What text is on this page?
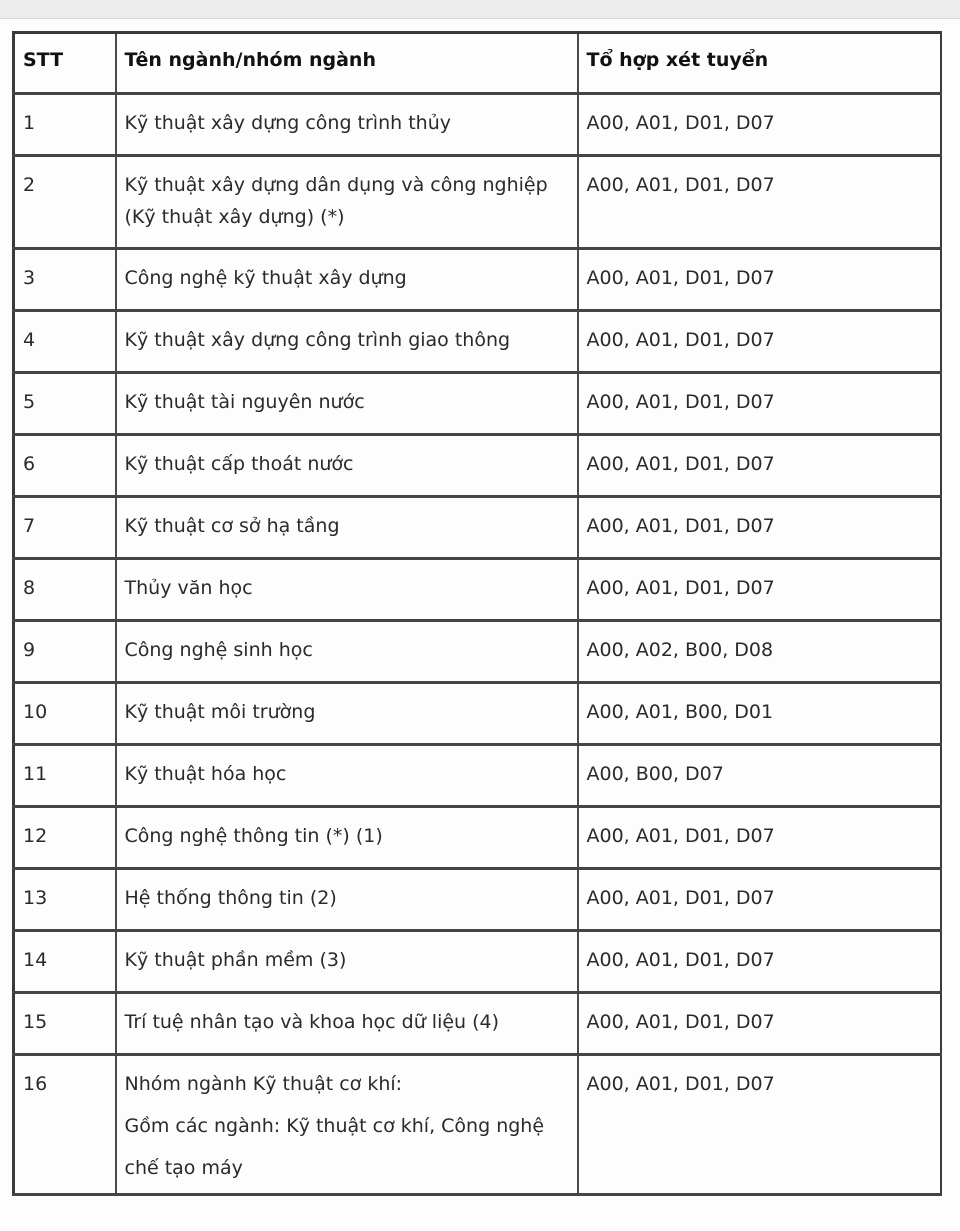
STT	Tên ngành/nhóm ngành	Tổ hợp xét tuyển
1	Kỹ thuật xây dựng công trình thủy	A00, A01, D01, D07
2	Kỹ thuật xây dựng dân dụng và công nghiệp
(Kỹ thuật xây dựng) (*)	A00, A01, D01, D07
3	Công nghệ kỹ thuật xây dựng	A00, A01, D01, D07
4	Kỹ thuật xây dựng công trình giao thông	A00, A01, D01, D07
5	Kỹ thuật tài nguyên nước	A00, A01, D01, D07
6	Kỹ thuật cấp thoát nước	A00, A01, D01, D07
7	Kỹ thuật cơ sở hạ tầng	A00, A01, D01, D07
8	Thủy văn học	A00, A01, D01, D07
9	Công nghệ sinh học	A00, A02, B00, D08
10	Kỹ thuật môi trường	A00, A01, B00, D01
11	Kỹ thuật hóa học	A00, B00, D07
12	Công nghệ thông tin (*) (1)	A00, A01, D01, D07
13	Hệ thống thông tin (2)	A00, A01, D01, D07
14	Kỹ thuật phần mềm (3)	A00, A01, D01, D07
15	Trí tuệ nhân tạo và khoa học dữ liệu (4)	A00, A01, D01, D07
16	Nhóm ngành Kỹ thuật cơ khí:
Gồm các ngành: Kỹ thuật cơ khí, Công nghệ
chế tạo máy	A00, A01, D01, D07
